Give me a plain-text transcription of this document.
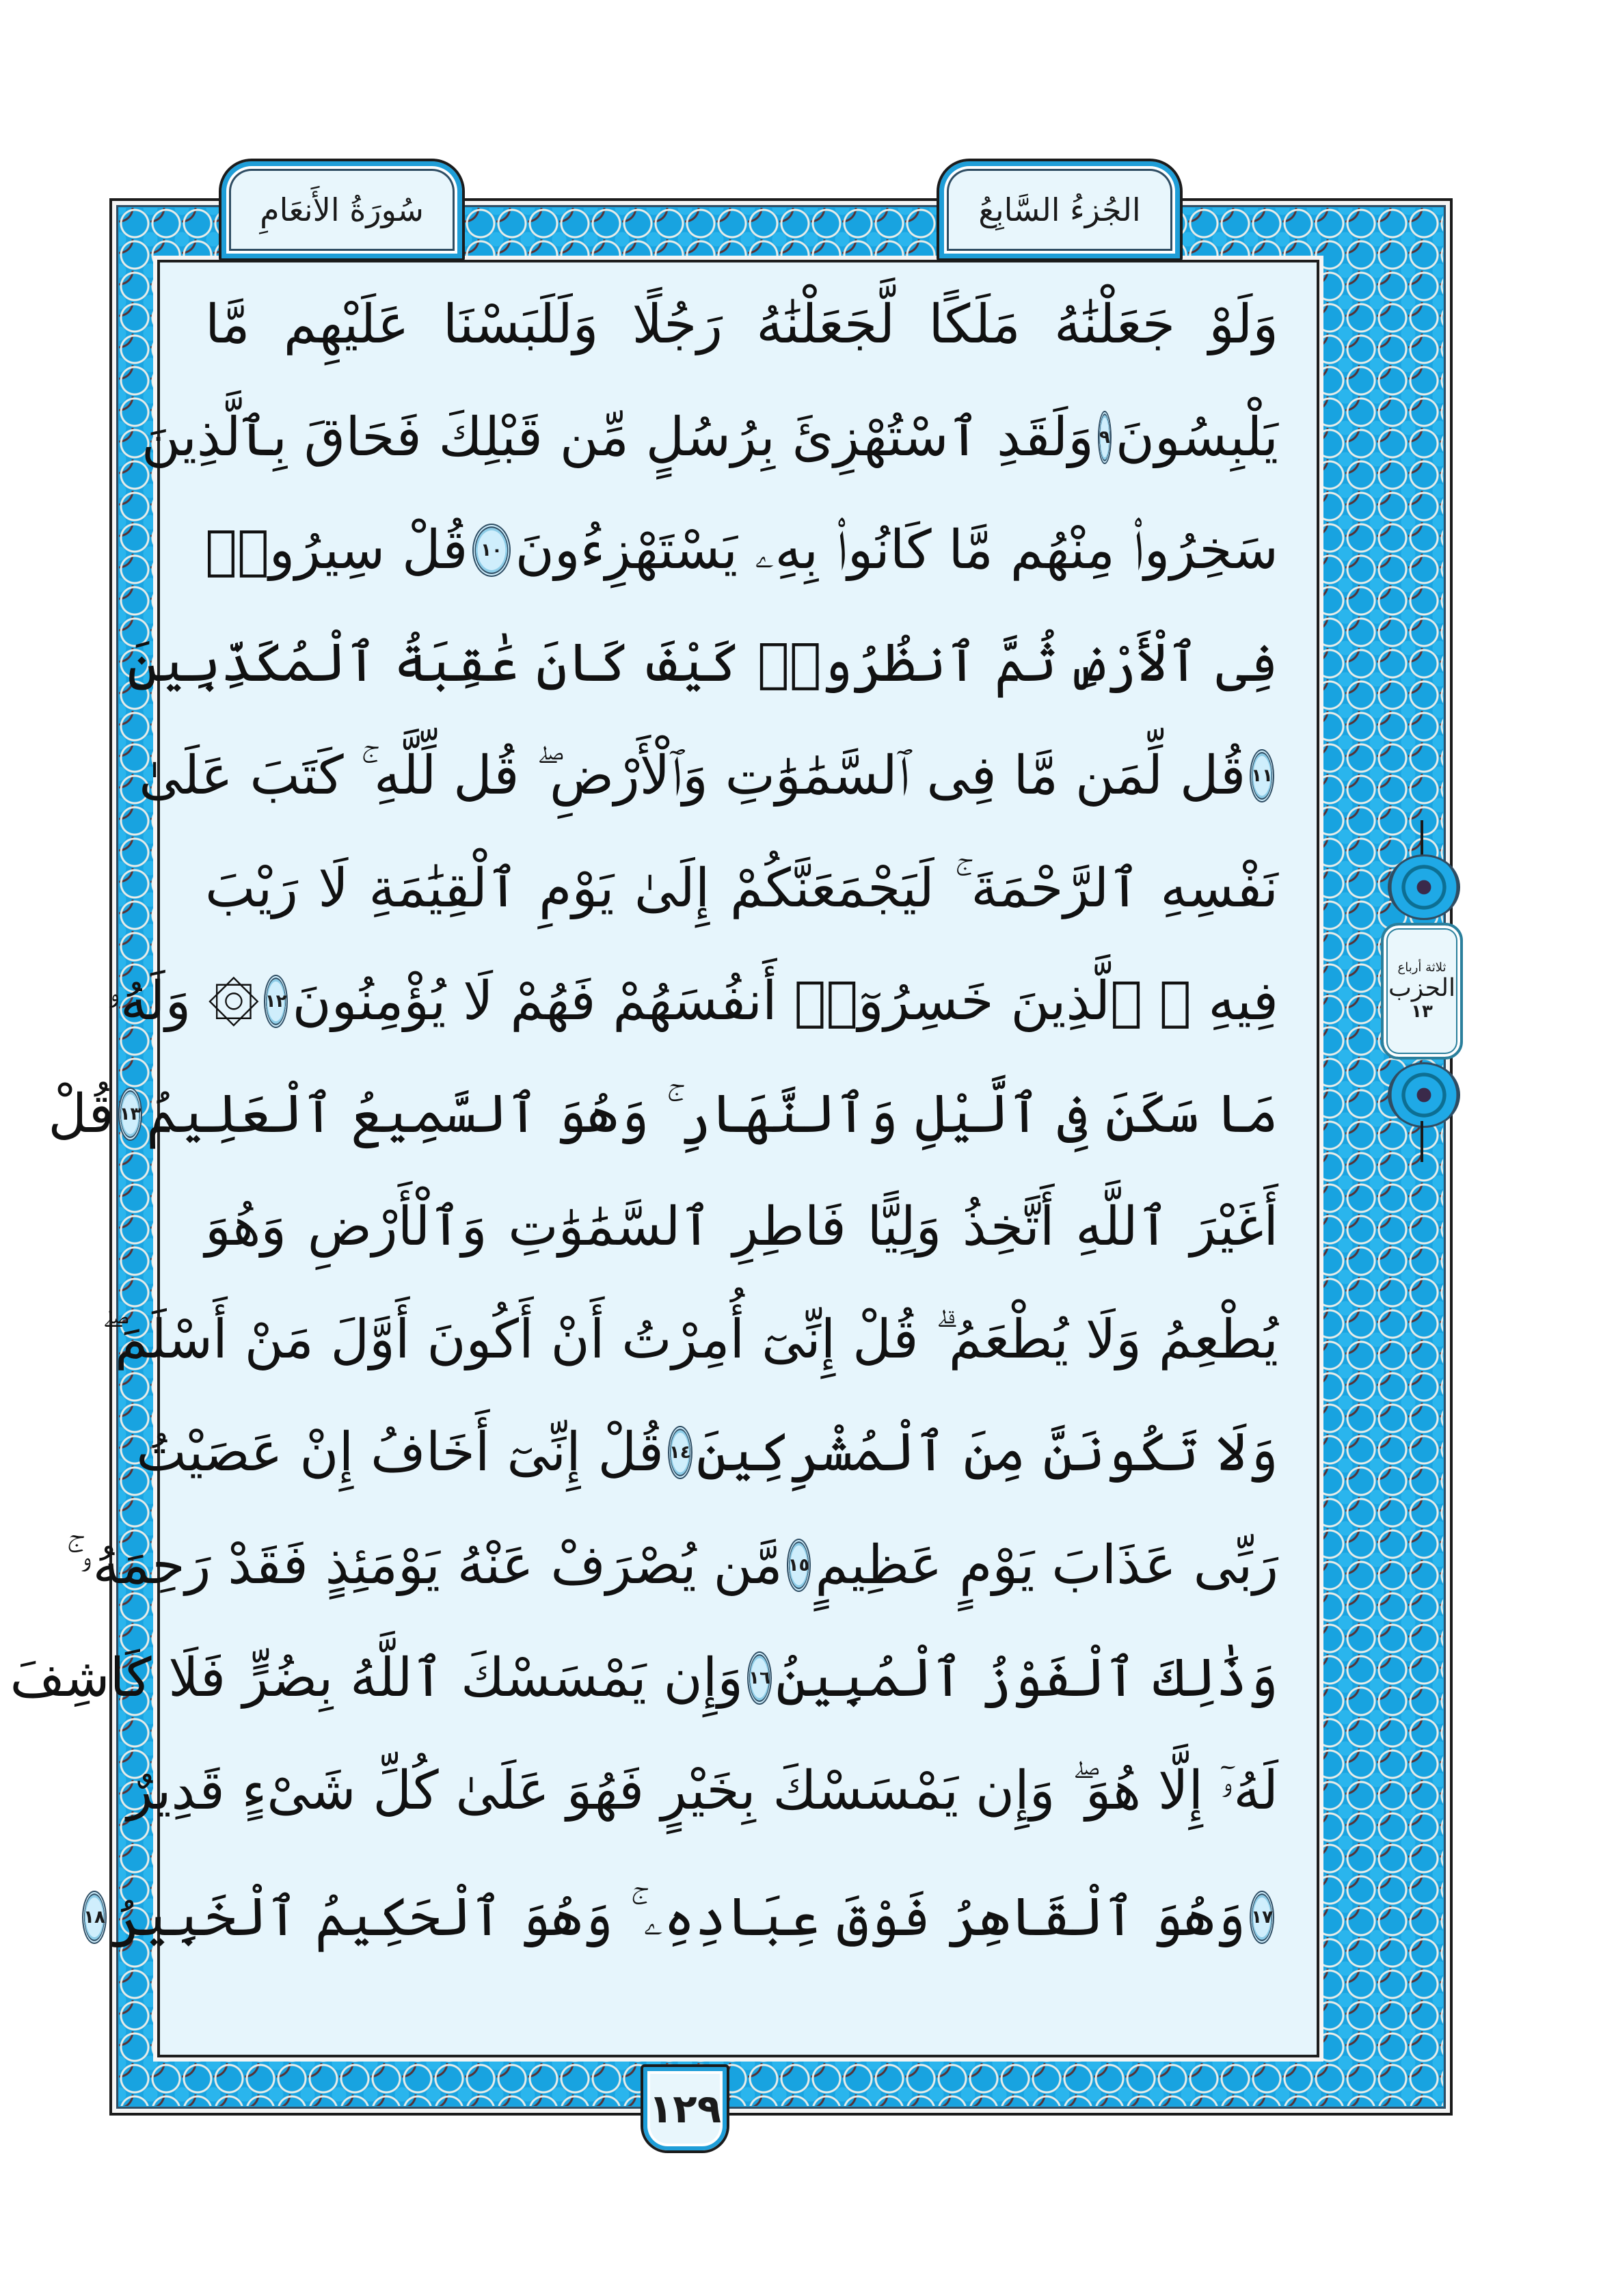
سُورَةُ الأَنعَامِ	الجُزءُ السَّابِعُ
وَلَوْ جَعَلْنَٰهُ مَلَكًا لَّجَعَلْنَٰهُ رَجُلًا وَلَلَبَسْنَا عَلَيْهِم مَّا
يَلْبِسُونَ
٩
وَلَقَدِ ٱسْتُهْزِئَ بِرُسُلٍ مِّن قَبْلِكَ فَحَاقَ بِٱلَّذِينَ
سَخِرُوا۟ مِنْهُم مَّا كَانُوا۟ بِهِۦ يَسْتَهْزِءُونَ
١٠
قُلْ سِيرُوا۟
فِى ٱلْأَرْضِ ثُمَّ ٱنظُرُوا۟ كَيْفَ كَانَ عَٰقِبَةُ ٱلْمُكَذِّبِينَ
١١
قُل لِّمَن مَّا فِى ٱلسَّمَٰوَٰتِ وَٱلْأَرْضِ ۖ قُل لِّلَّهِ ۚ كَتَبَ عَلَىٰ
نَفْسِهِ ٱلرَّحْمَةَ ۚ لَيَجْمَعَنَّكُمْ إِلَىٰ يَوْمِ ٱلْقِيَٰمَةِ لَا رَيْبَ
فِيهِ ۚ ٱلَّذِينَ خَسِرُوٓا۟ أَنفُسَهُمْ فَهُمْ لَا يُؤْمِنُونَ
١٢
۞ وَلَهُۥ
مَا سَكَنَ فِى ٱلَّيْلِ وَٱلنَّهَارِ ۚ وَهُوَ ٱلسَّمِيعُ ٱلْعَلِيمُ
١٣
قُلْ
أَغَيْرَ ٱللَّهِ أَتَّخِذُ وَلِيًّا فَاطِرِ ٱلسَّمَٰوَٰتِ وَٱلْأَرْضِ وَهُوَ
يُطْعِمُ وَلَا يُطْعَمُ ۗ قُلْ إِنِّىٓ أُمِرْتُ أَنْ أَكُونَ أَوَّلَ مَنْ أَسْلَمَ ۖ
وَلَا تَكُونَنَّ مِنَ ٱلْمُشْرِكِينَ
١٤
قُلْ إِنِّىٓ أَخَافُ إِنْ عَصَيْتُ
رَبِّى عَذَابَ يَوْمٍ عَظِيمٍ
١٥
مَّن يُصْرَفْ عَنْهُ يَوْمَئِذٍ فَقَدْ رَحِمَهُۥ ۚ
وَذَٰلِكَ ٱلْفَوْزُ ٱلْمُبِينُ
١٦
وَإِن يَمْسَسْكَ ٱللَّهُ بِضُرٍّ فَلَا كَاشِفَ
لَهُۥٓ إِلَّا هُوَ ۖ وَإِن يَمْسَسْكَ بِخَيْرٍ فَهُوَ عَلَىٰ كُلِّ شَىْءٍ قَدِيرٌ
١٧
وَهُوَ ٱلْقَاهِرُ فَوْقَ عِبَادِهِۦ ۚ وَهُوَ ٱلْحَكِيمُ ٱلْخَبِيرُ
١٨
ثلاثة أرباع
الحزب
١٣
١٢٩
